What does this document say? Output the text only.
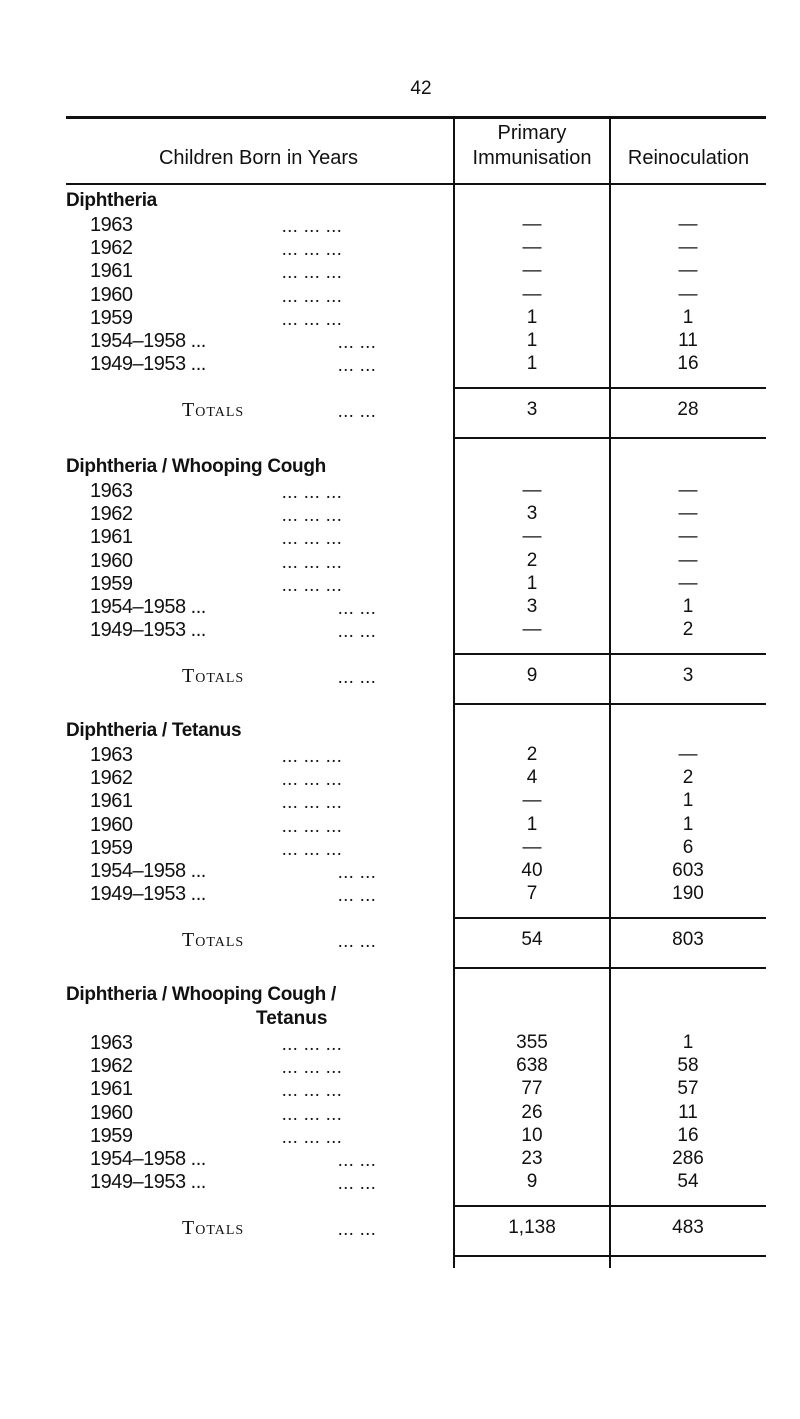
42
Children Born in Years
Primary
Immunisation	Reinoculation
Diphtheria
1963	... ... ...	—	—
1962	... ... ...	—	—
1961	... ... ...	—	—
1960	... ... ...	—	—
1959	... ... ...	1	1
1954–1958 ...	... ...	1	11
1949–1953 ...	... ...	1	16
Totals	... ...	3	28
Diphtheria / Whooping Cough
1963	... ... ...	—	—
1962	... ... ...	3	—
1961	... ... ...	—	—
1960	... ... ...	2	—
1959	... ... ...	1	—
1954–1958 ...	... ...	3	1
1949–1953 ...	... ...	—	2
Totals	... ...	9	3
Diphtheria / Tetanus
1963	... ... ...	2	—
1962	... ... ...	4	2
1961	... ... ...	—	1
1960	... ... ...	1	1
1959	... ... ...	—	6
1954–1958 ...	... ...	40	603
1949–1953 ...	... ...	7	190
Totals	... ...	54	803
Diphtheria / Whooping Cough /
Tetanus
1963	... ... ...	355	1
1962	... ... ...	638	58
1961	... ... ...	77	57
1960	... ... ...	26	11
1959	... ... ...	10	16
1954–1958 ...	... ...	23	286
1949–1953 ...	... ...	9	54
Totals	... ...	1,138	483
